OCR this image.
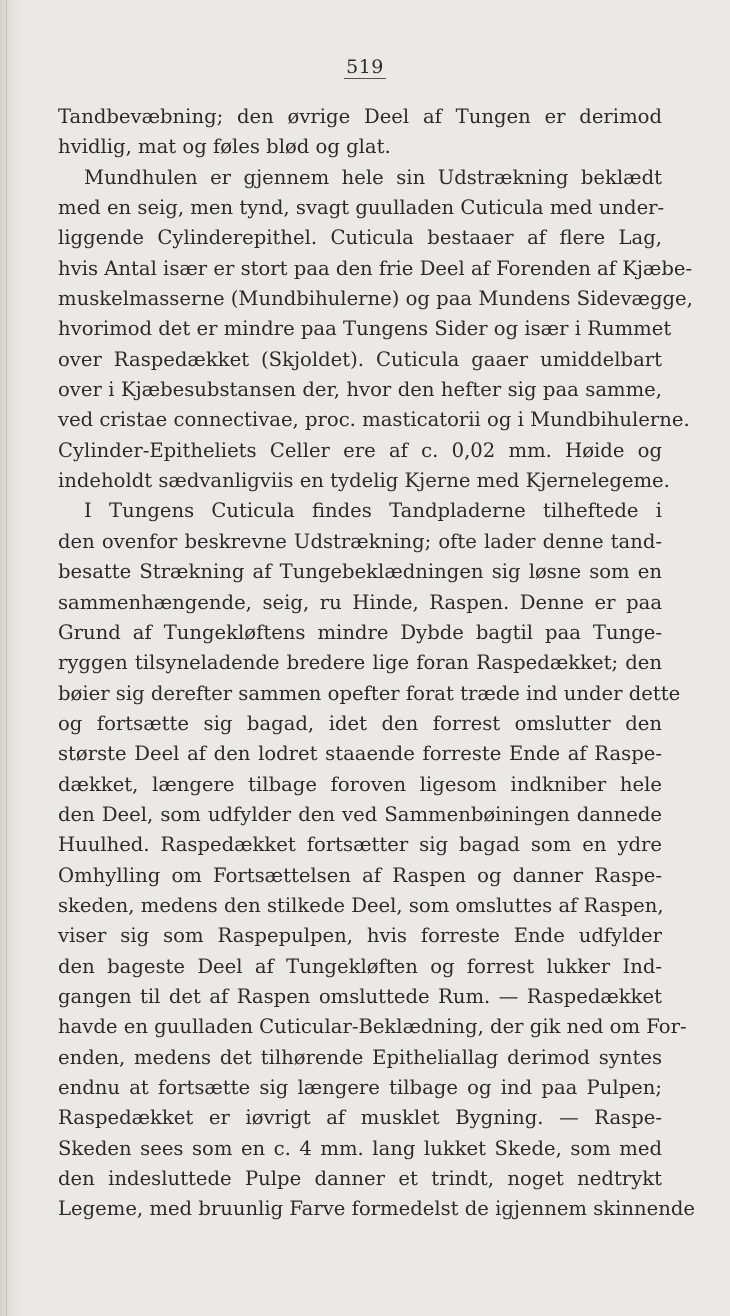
519
Tandbevæbning; den øvrige Deel af Tungen er derimod
hvidlig, mat og føles blød og glat.
Mundhulen er gjennem hele sin Udstrækning beklædt
med en seig, men tynd, svagt guulladen Cuticula med under-
liggende Cylinderepithel. Cuticula bestaaer af flere Lag,
hvis Antal især er stort paa den frie Deel af Forenden af Kjæbe-
muskelmasserne (Mundbihulerne) og paa Mundens Sidevægge,
hvorimod det er mindre paa Tungens Sider og især i Rummet
over Raspedækket (Skjoldet). Cuticula gaaer umiddelbart
over i Kjæbesubstansen der, hvor den hefter sig paa samme,
ved cristae connectivae, proc. masticatorii og i Mundbihulerne.
Cylinder-Epitheliets Celler ere af c. 0,02 mm. Høide og
indeholdt sædvanligviis en tydelig Kjerne med Kjernelegeme.
I Tungens Cuticula findes Tandpladerne tilheftede i
den ovenfor beskrevne Udstrækning; ofte lader denne tand-
besatte Strækning af Tungebeklædningen sig løsne som en
sammenhængende, seig, ru Hinde, Raspen. Denne er paa
Grund af Tungekløftens mindre Dybde bagtil paa Tunge-
ryggen tilsyneladende bredere lige foran Raspedækket; den
bøier sig derefter sammen opefter forat træde ind under dette
og fortsætte sig bagad, idet den forrest omslutter den
største Deel af den lodret staaende forreste Ende af Raspe-
dækket, længere tilbage foroven ligesom indkniber hele
den Deel, som udfylder den ved Sammenbøiningen dannede
Huulhed. Raspedækket fortsætter sig bagad som en ydre
Omhylling om Fortsættelsen af Raspen og danner Raspe-
skeden, medens den stilkede Deel, som omsluttes af Raspen,
viser sig som Raspepulpen, hvis forreste Ende udfylder
den bageste Deel af Tungekløften og forrest lukker Ind-
gangen til det af Raspen omsluttede Rum. — Raspedækket
havde en guulladen Cuticular-Beklædning, der gik ned om For-
enden, medens det tilhørende Epitheliallag derimod syntes
endnu at fortsætte sig længere tilbage og ind paa Pulpen;
Raspedækket er iøvrigt af musklet Bygning. — Raspe-
Skeden sees som en c. 4 mm. lang lukket Skede, som med
den indesluttede Pulpe danner et trindt, noget nedtrykt
Legeme, med bruunlig Farve formedelst de igjennem skinnende
